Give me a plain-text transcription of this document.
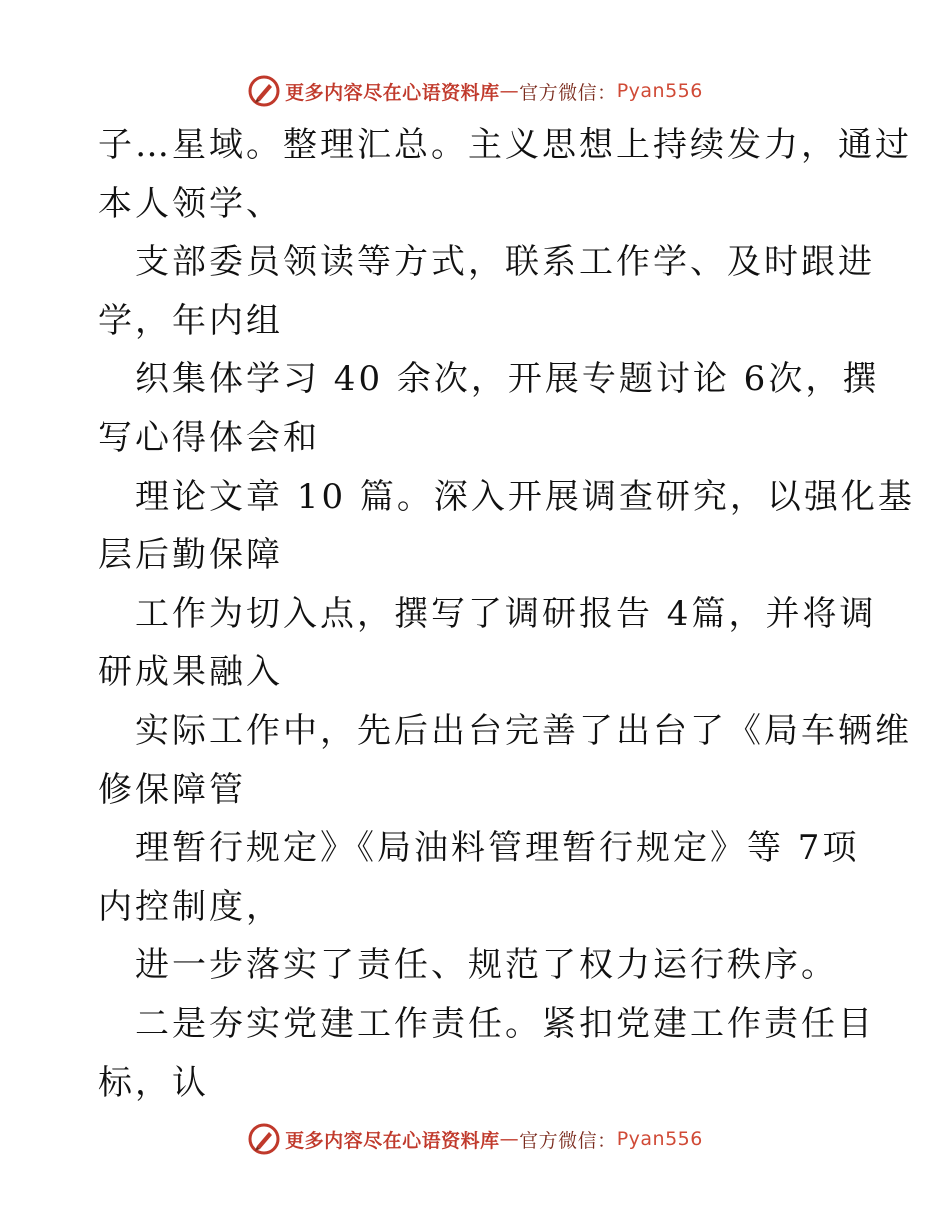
更多内容尽在心语资料库 — 官方微信： Pyan556
子…星域。整理汇总。主义思想上持续发力，通过
本人领学、
支部委员领读等方式，联系工作学、及时跟进
学，年内组
织集体学习 40 余次，开展专题讨论 6次，撰
写心得体会和
理论文章 10 篇。深入开展调查研究，以强化基
层后勤保障
工作为切入点，撰写了调研报告 4篇，并将调
研成果融入
实际工作中，先后出台完善了出台了《局车辆维
修保障管
理暂行规定》《局油料管理暂行规定》等 7项
内控制度，
进一步落实了责任、规范了权力运行秩序。
二是夯实党建工作责任。紧扣党建工作责任目
标，认
更多内容尽在心语资料库 — 官方微信： Pyan556
